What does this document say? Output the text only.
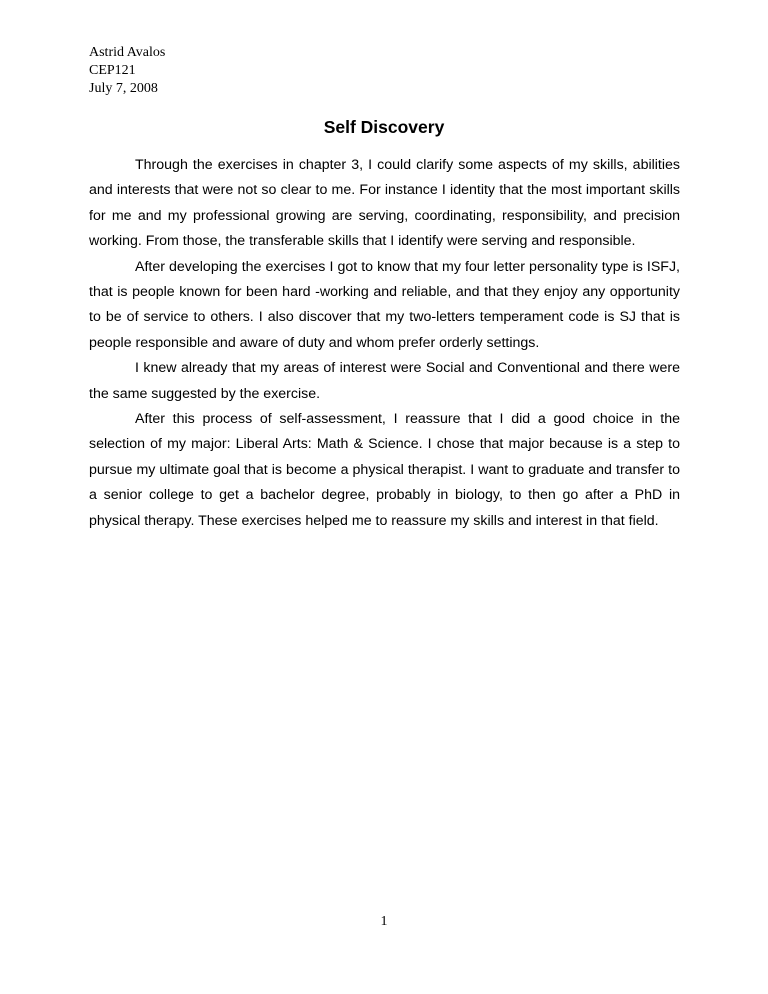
Astrid Avalos
CEP121
July 7, 2008
Self Discovery

Through the exercises in chapter 3, I could clarify some aspects of my skills, abilities and interests that were not so clear to me. For instance I identity that the most important skills for me and my professional growing are serving, coordinating, responsibility, and precision working. From those, the transferable skills that I identify were serving and responsible.

After developing the exercises I got to know that my four letter personality type is ISFJ, that is people known for been hard -working and reliable, and that they enjoy any opportunity to be of service to others. I also discover that my two-letters temperament code is SJ that is people responsible and aware of duty and whom prefer orderly settings.

I knew already that my areas of interest were Social and Conventional and there were the same suggested by the exercise.

After this process of self-assessment, I reassure that I did a good choice in the selection of my major: Liberal Arts: Math & Science. I chose that major because is a step to pursue my ultimate goal that is become a physical therapist. I want to graduate and transfer to a senior college to get a bachelor degree, probably in biology, to then go after a PhD in physical therapy. These exercises helped me to reassure my skills and interest in that field.

1
